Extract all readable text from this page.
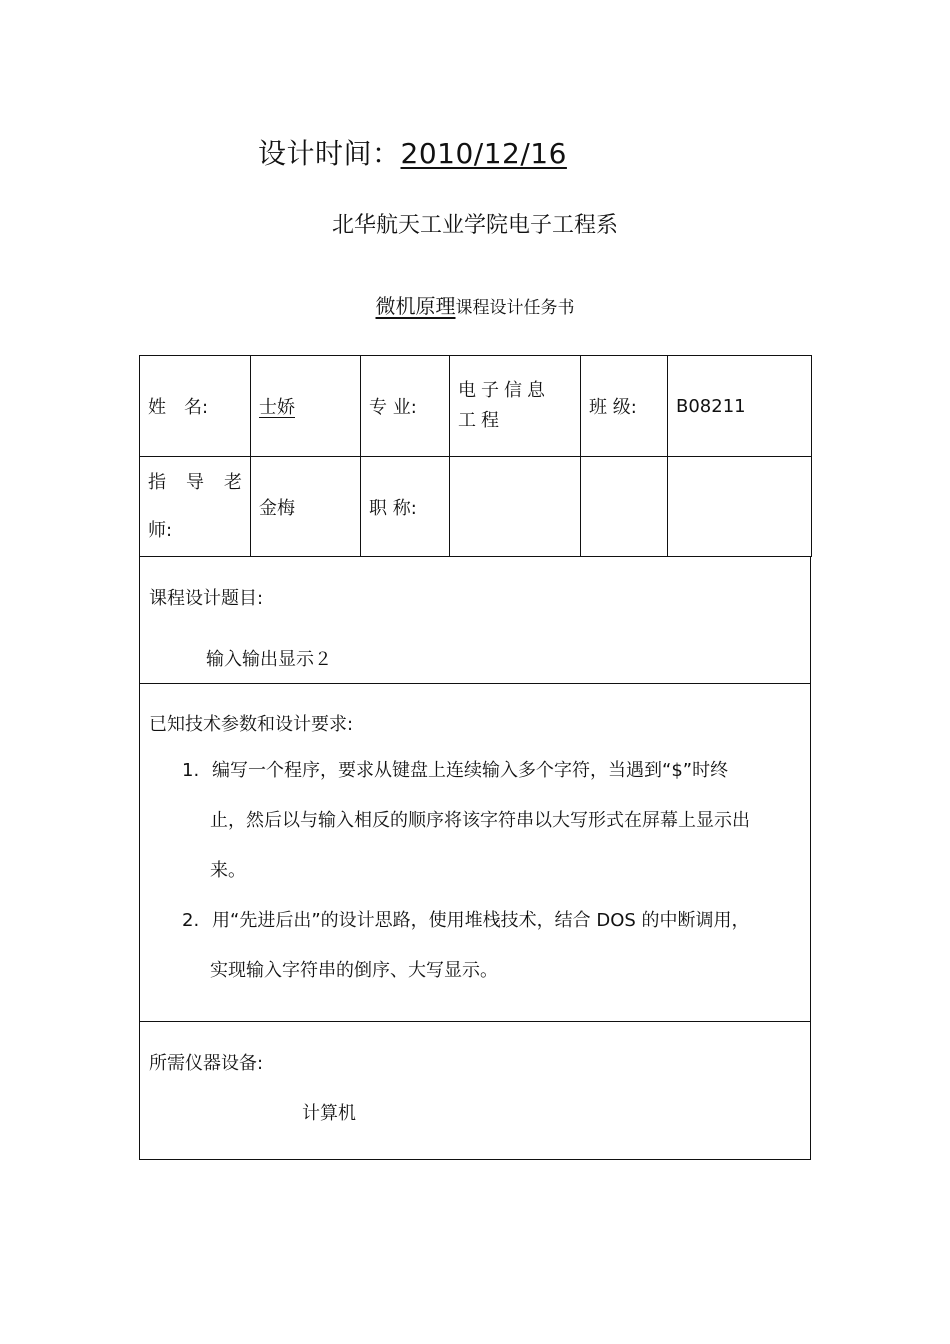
设计时间：2010/12/16
北华航天工业学院电子工程系
微机原理课程设计任务书
姓　名:	士娇	专 业:	电子信息工程	班 级:	B08211

指 导 老 师:	金梅	职 称:			
课程设计题目:
输入输出显示２
已知技术参数和设计要求:
1. 编写一个程序，要求从键盘上连续输入多个字符，当遇到“$”时终
止，然后以与输入相反的顺序将该字符串以大写形式在屏幕上显示出
来。
2. 用“先进后出”的设计思路，使用堆栈技术，结合 DOS 的中断调用，
实现输入字符串的倒序、大写显示。
所需仪器设备:
计算机
